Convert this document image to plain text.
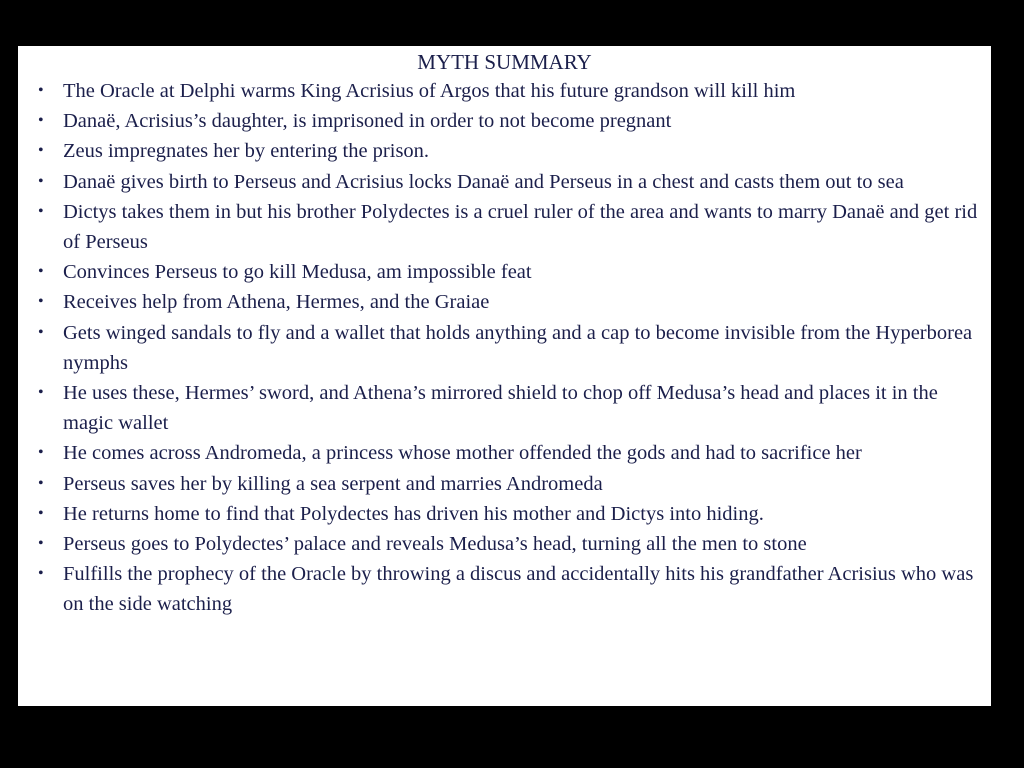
MYTH SUMMARY
• The Oracle at Delphi warms King Acrisius of Argos that his future grandson will kill him
• Danaë, Acrisius’s daughter, is imprisoned in order to not become pregnant
• Zeus impregnates her by entering the prison.
• Danaë gives birth to Perseus and Acrisius locks Danaë and Perseus in a chest and casts them out to sea
• Dictys takes them in but his brother Polydectes is a cruel ruler of the area and wants to marry Danaë and get rid of Perseus
• Convinces Perseus to go kill Medusa, am impossible feat
• Receives help from Athena, Hermes, and the Graiae
• Gets winged sandals to fly and a wallet that holds anything and a cap to become invisible from the Hyperborea nymphs
• He uses these, Hermes’ sword, and Athena’s mirrored shield to chop off Medusa’s head and places it in the magic wallet
• He comes across Andromeda, a princess whose mother offended the gods and had to sacrifice her
• Perseus saves her by killing a sea serpent and marries Andromeda
• He returns home to find that Polydectes has driven his mother and Dictys into hiding.
• Perseus goes to Polydectes’ palace and reveals Medusa’s head, turning all the men to stone
• Fulfills the prophecy of the Oracle by throwing a discus and accidentally hits his grandfather Acrisius who was on the side watching
